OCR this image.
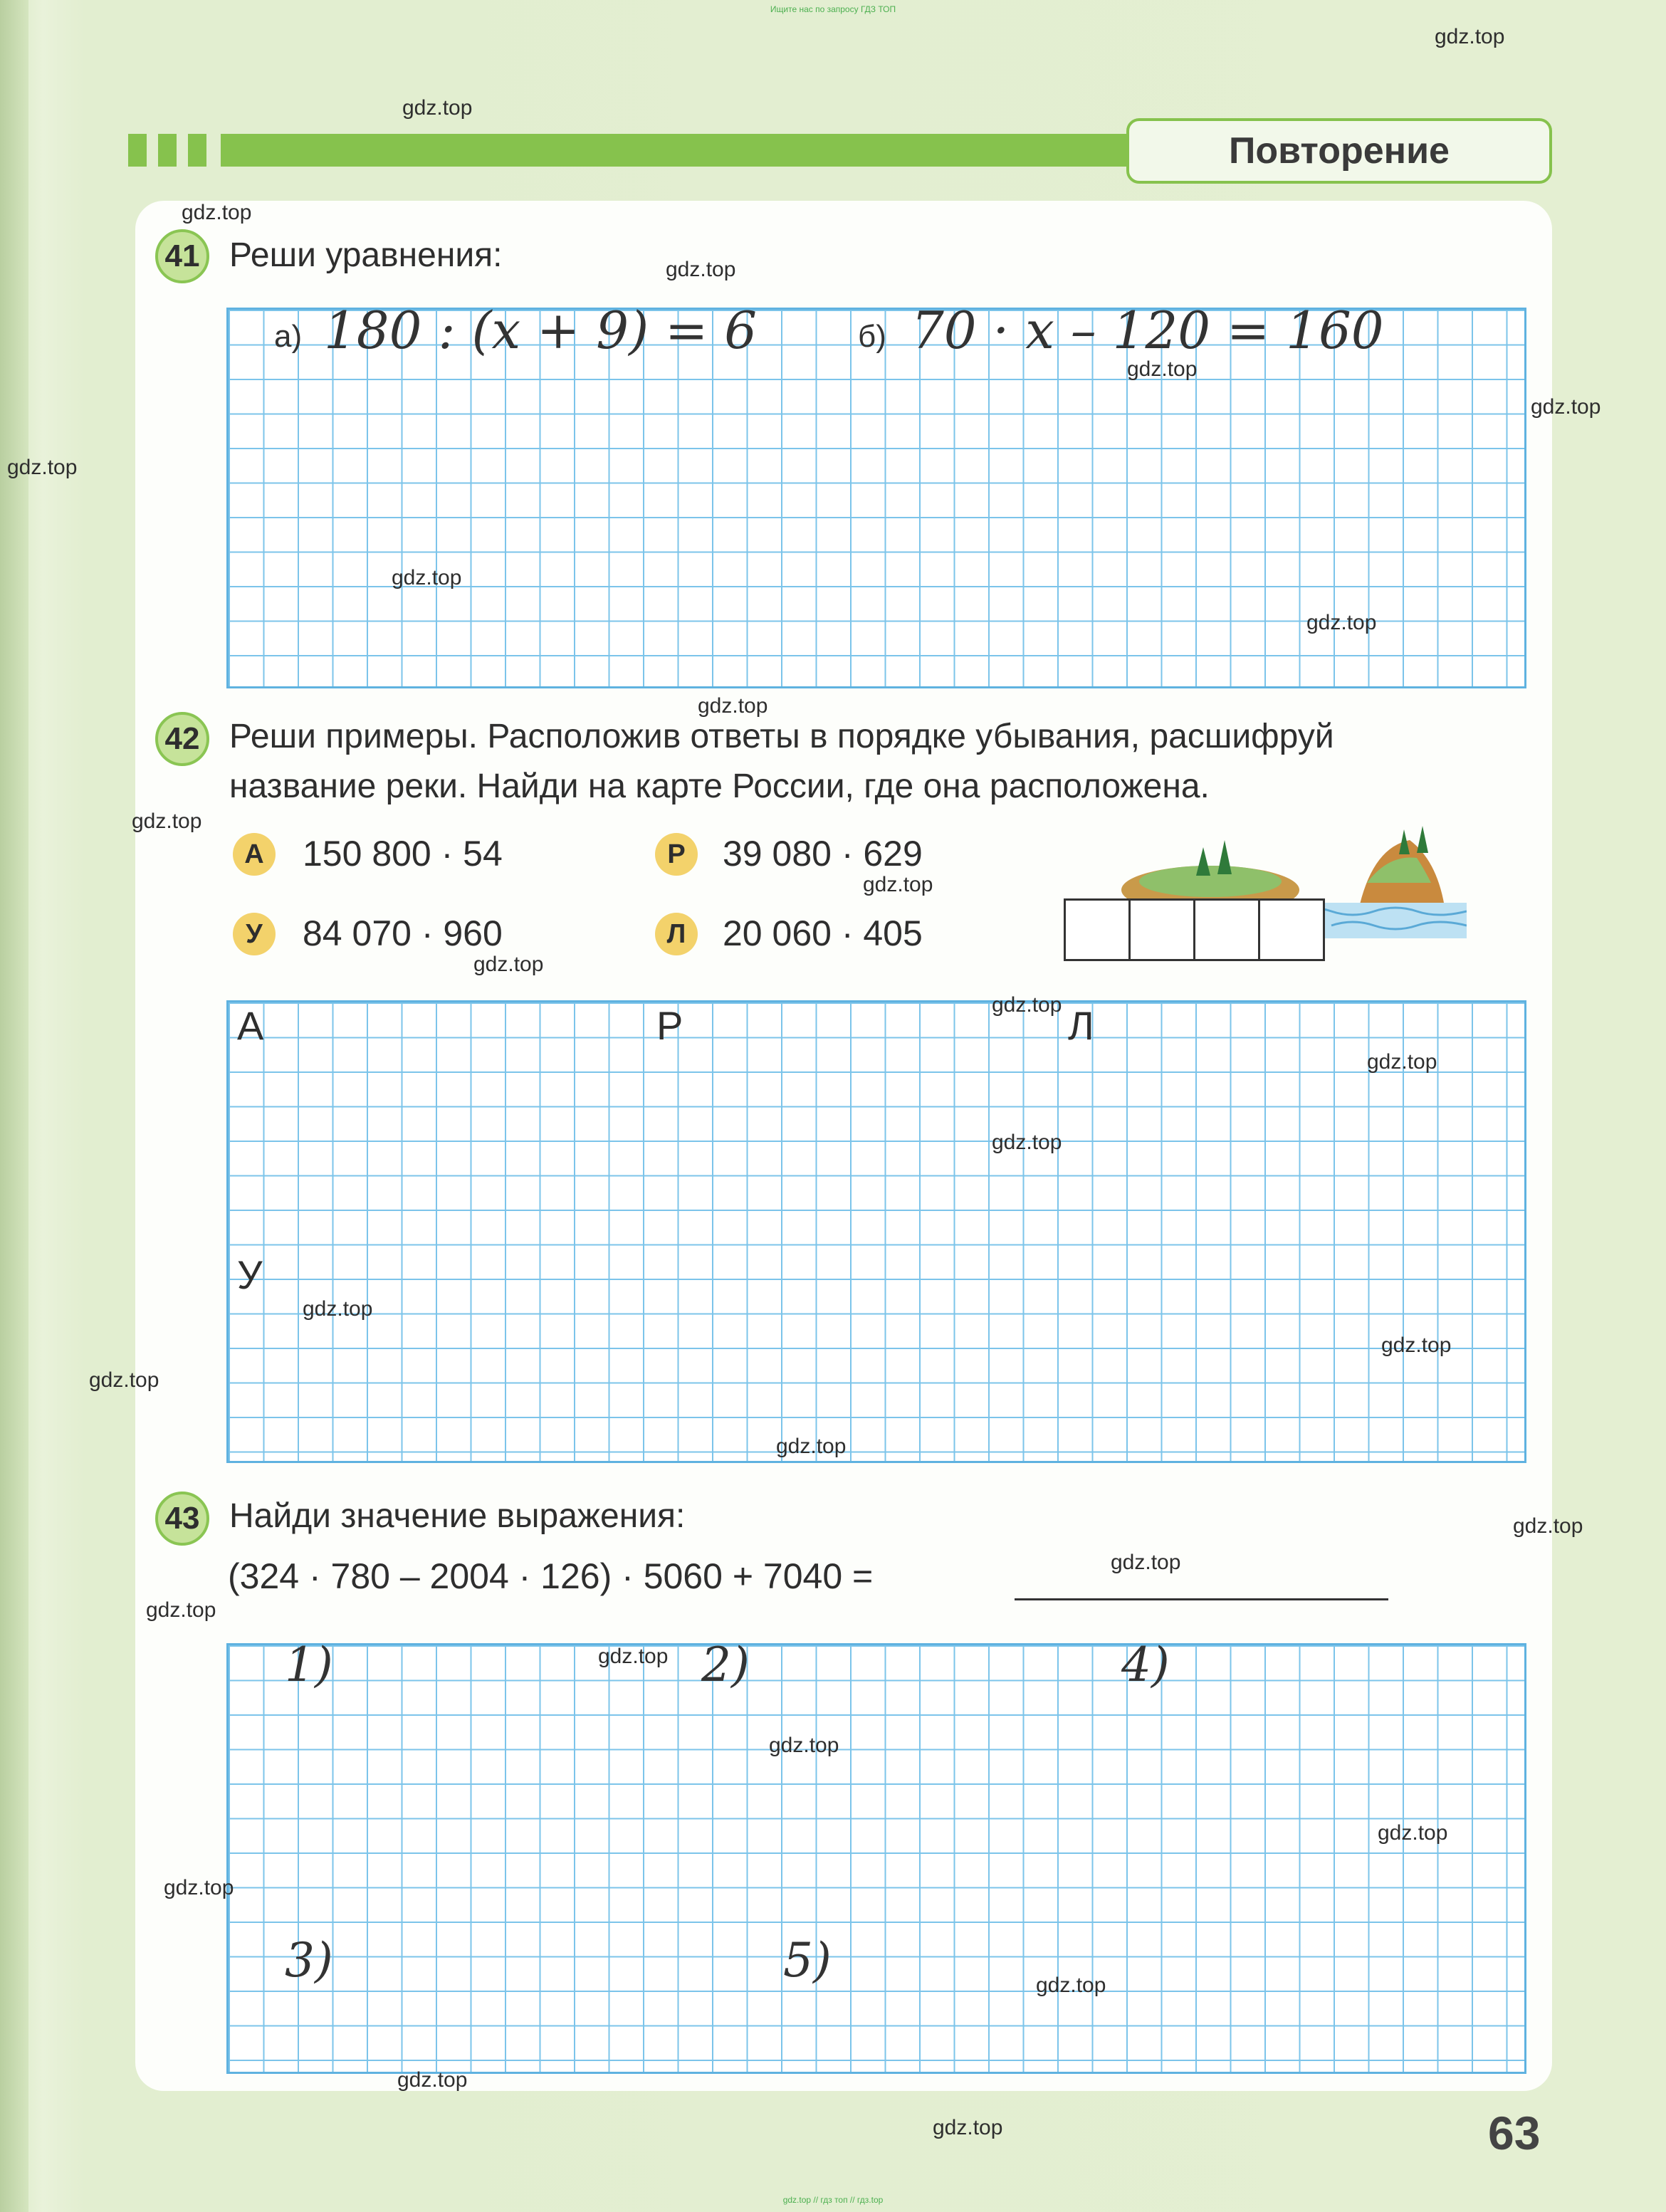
Ищите нас по запросу ГДЗ ТОП
Повторение
41 Реши уравнения:
а) 180 : (x + 9) = 6	б) 70 · x – 120 = 160
42 Реши примеры. Расположив ответы в порядке убывания, расшифруй
название реки. Найди на карте России, где она расположена.
А	150 800 · 54	Р	39 080 · 629
У	84 070 · 960	Л	20 060 · 405
А	Р	Л
У
43 Найди значение выражения:
(324 · 780 – 2004 · 126) · 5060 + 7040 =
1)	2)	4)
3)	5)
63
gdz.top
gdz.top
gdz.top
gdz.top
gdz.top
gdz.top
gdz.top
gdz.top
gdz.top
gdz.top
gdz.top
gdz.top
gdz.top
gdz.top
gdz.top
gdz.top
gdz.top
gdz.top
gdz.top
gdz.top
gdz.top
gdz.top
gdz.top
gdz.top
gdz.top
gdz.top
gdz.top
gdz.top
gdz.top
gdz.top
gdz.top // гдз топ // гдз.top
